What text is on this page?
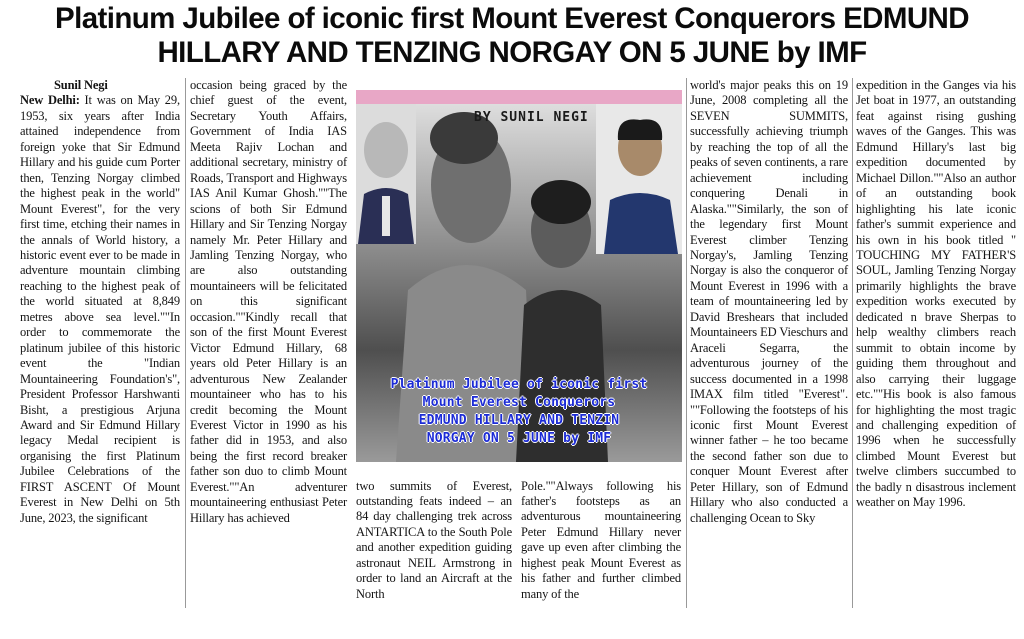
Platinum Jubilee of iconic first Mount Everest Conquerors EDMUND
HILLARY AND TENZING NORGAY ON 5 JUNE by IMF
Sunil Negi

New Delhi: It was on May 29, 1953, six years after India attained independence from foreign yoke that Sir Edmund Hillary and his guide cum Porter then, Tenzing Norgay climbed the highest peak in the world" Mount Everest", for the very first time, etching their names in the annals of World history, a historic event ever to be made in adventure mountain climbing reaching to the highest peak of the world situated at 8,849 metres above sea level.""In order to commemorate the platinum jubilee of this historic event the "Indian Mountaineering Foundation's", President Professor Harshwanti Bisht, a prestigious Arjuna Award and Sir Edmund Hillary legacy Medal recipient is organising the first Platinum Jubilee Celebrations of the FIRST ASCENT Of Mount Everest in New Delhi on 5th June, 2023, the significant

occasion being graced by the chief guest of the event, Secretary Youth Affairs, Government of India IAS Meeta Rajiv Lochan and additional secretary, ministry of Roads, Transport and Highways IAS Anil Kumar Ghosh.""The scions of both Sir Edmund Hillary and Sir Tenzing Norgay namely Mr. Peter Hillary and Jamling Tenzing Norgay, who are also outstanding mountaineers will be felicitated on this significant occasion.""Kindly recall that son of the first Mount Everest Victor Edmund Hillary, 68 years old Peter Hillary is an adventurous New Zealander mountaineer who has to his credit becoming the Mount Everest Victor in 1990 as his father did in 1953, and also being the first record breaker father son duo to climb Mount Everest.""An adventurer mountaineering enthusiast Peter Hillary has achieved

BY SUNIL NEGI
Platinum Jubilee of iconic first
Mount Everest Conquerors
EDMUND HILLARY AND TENZIN
NORGAY ON 5 JUNE by IMF

two summits of Everest, outstanding feats indeed – an 84 day challenging trek across ANTARTICA to the South Pole and another expedition guiding astronaut NEIL Armstrong in order to land an Aircraft at the North

Pole.""Always following his father's footsteps as an adventurous mountaineering Peter Edmund Hillary never gave up even after climbing the highest peak Mount Everest as his father and further climbed many of the

world's major peaks this on 19 June, 2008 completing all the SEVEN SUMMITS, successfully achieving triumph by reaching the top of all the peaks of seven continents, a rare achievement including conquering Denali in Alaska.""Similarly, the son of the legendary first Mount Everest climber Tenzing Norgay's, Jamling Tenzing Norgay is also the conqueror of Mount Everest in 1996 with a team of mountaineering led by David Breshears that included Mountaineers ED Vieschurs and Araceli Segarra, the adventurous journey of the success documented in a 1998 IMAX film titled "Everest". ""Following the footsteps of his iconic first Mount Everest winner father – he too became the second father son due to conquer Mount Everest after Peter Hillary, son of Edmund Hillary who also conducted a challenging Ocean to Sky

expedition in the Ganges via his Jet boat in 1977, an outstanding feat against rising gushing waves of the Ganges. This was Edmund Hillary's last big expedition documented by Michael Dillon.""Also an author of an outstanding book highlighting his late iconic father's summit experience and his own in his book titled " TOUCHING MY FATHER'S SOUL, Jamling Tenzing Norgay primarily highlights the brave expedition works executed by dedicated n brave Sherpas to help wealthy climbers reach summit to obtain income by guiding them throughout and also carrying their luggage etc.""His book is also famous for highlighting the most tragic and challenging expedition of 1996 when he successfully climbed Mount Everest but twelve climbers succumbed to the badly n disastrous inclement weather on May 1996.
